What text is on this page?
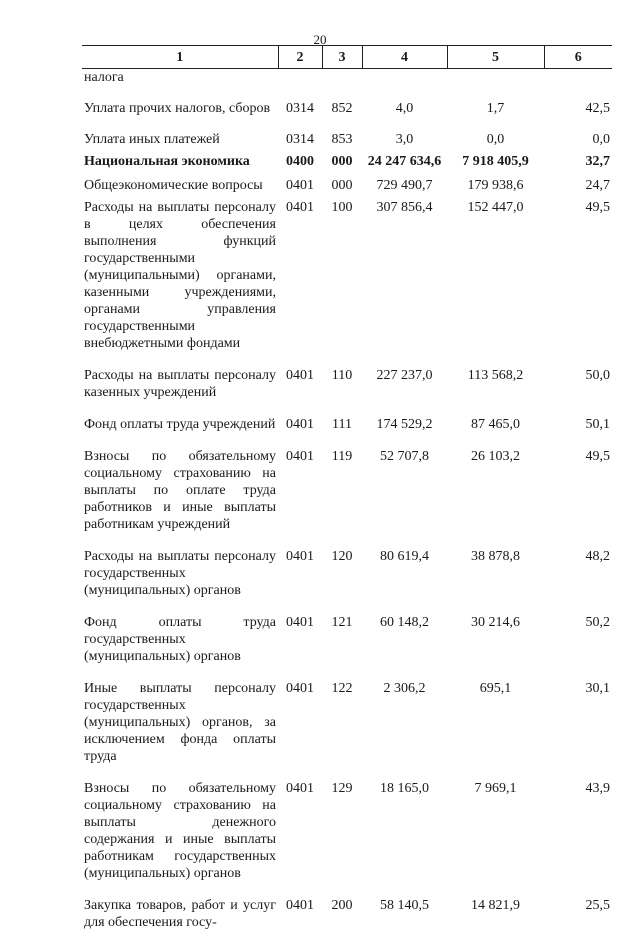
20
1	2	3	4	5	6
налога					
Уплата прочих налогов, сборов	0314	852	4,0	1,7	42,5
Уплата иных платежей	0314	853	3,0	0,0	0,0
Национальная экономика	0400	000	24 247 634,6	7 918 405,9	32,7
Общеэкономические вопросы	0401	000	729 490,7	179 938,6	24,7
Расходы на выплаты персоналу в целях обеспечения выполнения функций государственными (муниципальными) органами, казенными учреждениями, органами управления государственными внебюджетными фондами	0401	100	307 856,4	152 447,0	49,5
Расходы на выплаты персоналу казенных учреждений	0401	110	227 237,0	113 568,2	50,0
Фонд оплаты труда учреждений	0401	111	174 529,2	87 465,0	50,1
Взносы по обязательному социальному страхованию на выплаты по оплате труда работников и иные выплаты работникам учреждений	0401	119	52 707,8	26 103,2	49,5
Расходы на выплаты персоналу государственных (муниципальных) органов	0401	120	80 619,4	38 878,8	48,2
Фонд оплаты труда государственных (муниципальных) органов	0401	121	60 148,2	30 214,6	50,2
Иные выплаты персоналу государственных (муниципальных) органов, за исключением фонда оплаты труда	0401	122	2 306,2	695,1	30,1
Взносы по обязательному социальному страхованию на выплаты денежного содержания и иные выплаты работникам государственных (муниципальных) органов	0401	129	18 165,0	7 969,1	43,9
Закупка товаров, работ и услуг для обеспечения госу-	0401	200	58 140,5	14 821,9	25,5
